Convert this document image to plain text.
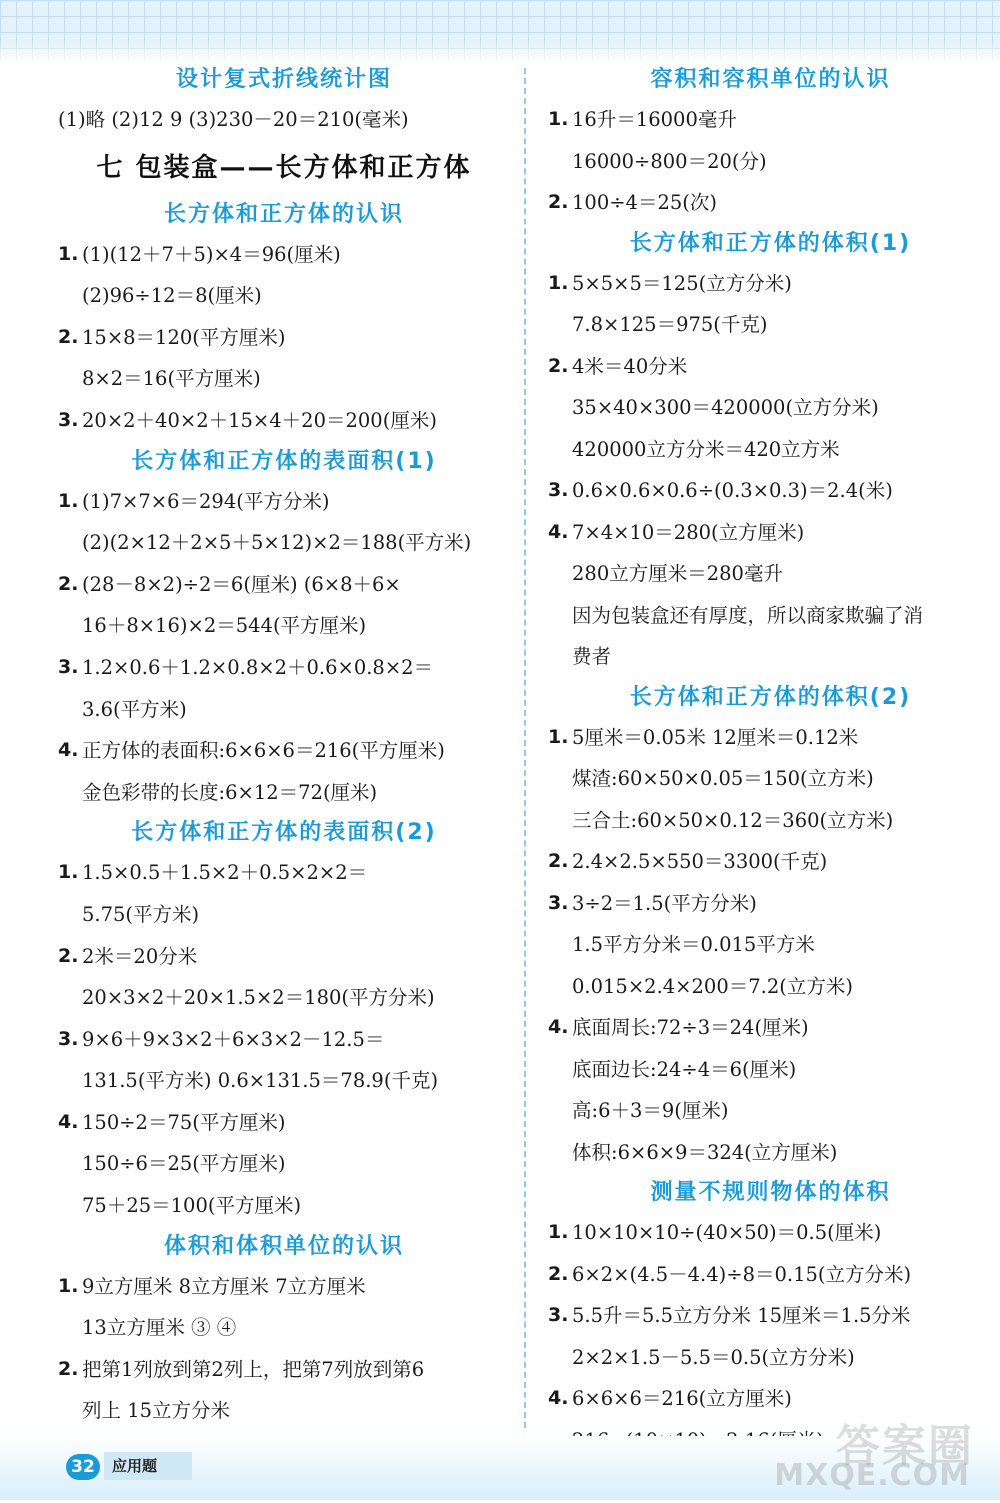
设计复式折线统计图
(1)略 (2)12 9 (3)230－20＝210(毫米)
七 包装盒——长方体和正方体
长方体和正方体的认识
1. (1)(12＋7＋5)×4＝96(厘米)
(2)96÷12＝8(厘米)
2. 15×8＝120(平方厘米)
8×2＝16(平方厘米)
3. 20×2＋40×2＋15×4＋20＝200(厘米)
长方体和正方体的表面积(1)
1. (1)7×7×6＝294(平方分米)
(2)(2×12＋2×5＋5×12)×2＝188(平方米)
2. (28－8×2)÷2＝6(厘米) (6×8＋6×
16＋8×16)×2＝544(平方厘米)
3. 1.2×0.6＋1.2×0.8×2＋0.6×0.8×2＝
3.6(平方米)
4. 正方体的表面积:6×6×6＝216(平方厘米)
金色彩带的长度:6×12＝72(厘米)
长方体和正方体的表面积(2)
1. 1.5×0.5＋1.5×2＋0.5×2×2＝
5.75(平方米)
2. 2米＝20分米
20×3×2＋20×1.5×2＝180(平方分米)
3. 9×6＋9×3×2＋6×3×2－12.5＝
131.5(平方米) 0.6×131.5＝78.9(千克)
4. 150÷2＝75(平方厘米)
150÷6＝25(平方厘米)
75＋25＝100(平方厘米)
体积和体积单位的认识
1. 9立方厘米 8立方厘米 7立方厘米
13立方厘米 ③ ④
2. 把第1列放到第2列上，把第7列放到第6
列上 15立方分米
容积和容积单位的认识
1. 16升＝16000毫升
16000÷800＝20(分)
2. 100÷4＝25(次)
长方体和正方体的体积(1)
1. 5×5×5＝125(立方分米)
7.8×125＝975(千克)
2. 4米＝40分米
35×40×300＝420000(立方分米)
420000立方分米＝420立方米
3. 0.6×0.6×0.6÷(0.3×0.3)＝2.4(米)
4. 7×4×10＝280(立方厘米)
280立方厘米＝280毫升
因为包装盒还有厚度，所以商家欺骗了消
费者
长方体和正方体的体积(2)
1. 5厘米＝0.05米 12厘米＝0.12米
煤渣:60×50×0.05＝150(立方米)
三合土:60×50×0.12＝360(立方米)
2. 2.4×2.5×550＝3300(千克)
3. 3÷2＝1.5(平方分米)
1.5平方分米＝0.015平方米
0.015×2.4×200＝7.2(立方米)
4. 底面周长:72÷3＝24(厘米)
底面边长:24÷4＝6(厘米)
高:6＋3＝9(厘米)
体积:6×6×9＝324(立方厘米)
测量不规则物体的体积
1. 10×10×10÷(40×50)＝0.5(厘米)
2. 6×2×(4.5－4.4)÷8＝0.15(立方分米)
3. 5.5升＝5.5立方分米 15厘米＝1.5分米
2×2×1.5－5.5＝0.5(立方分米)
4. 6×6×6＝216(立方厘米)
32	应用题	答案圈
MXQE.COM
